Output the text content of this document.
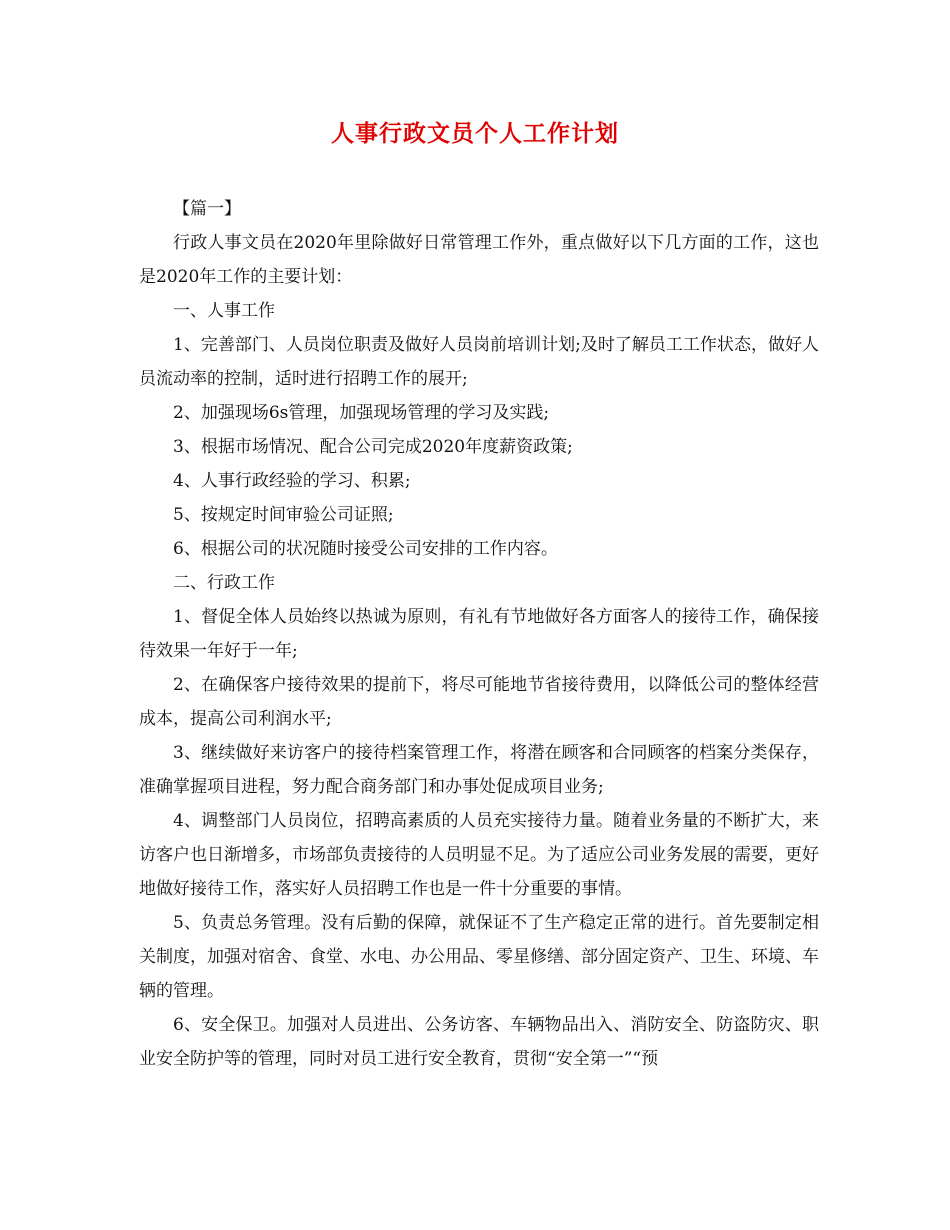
人事行政文员个人工作计划

【篇一】

行政人事文员在2020年里除做好日常管理工作外，重点做好以下几方面的工作，这也是2020年工作的主要计划：

一、人事工作

1、完善部门、人员岗位职责及做好人员岗前培训计划;及时了解员工工作状态，做好人员流动率的控制，适时进行招聘工作的展开;

2、加强现场6s管理，加强现场管理的学习及实践;

3、根据市场情况、配合公司完成2020年度薪资政策;

4、人事行政经验的学习、积累;

5、按规定时间审验公司证照;

6、根据公司的状况随时接受公司安排的工作内容。

二、行政工作

1、督促全体人员始终以热诚为原则，有礼有节地做好各方面客人的接待工作，确保接待效果一年好于一年;

2、在确保客户接待效果的提前下，将尽可能地节省接待费用，以降低公司的整体经营成本，提高公司利润水平;

3、继续做好来访客户的接待档案管理工作，将潜在顾客和合同顾客的档案分类保存，准确掌握项目进程，努力配合商务部门和办事处促成项目业务;

4、调整部门人员岗位，招聘高素质的人员充实接待力量。随着业务量的不断扩大，来访客户也日渐增多，市场部负责接待的人员明显不足。为了适应公司业务发展的需要，更好地做好接待工作，落实好人员招聘工作也是一件十分重要的事情。

5、负责总务管理。没有后勤的保障，就保证不了生产稳定正常的进行。首先要制定相关制度，加强对宿舍、食堂、水电、办公用品、零星修缮、部分固定资产、卫生、环境、车辆的管理。

6、安全保卫。加强对人员进出、公务访客、车辆物品出入、消防安全、防盗防灾、职业安全防护等的管理，同时对员工进行安全教育，贯彻“安全第一”“预
